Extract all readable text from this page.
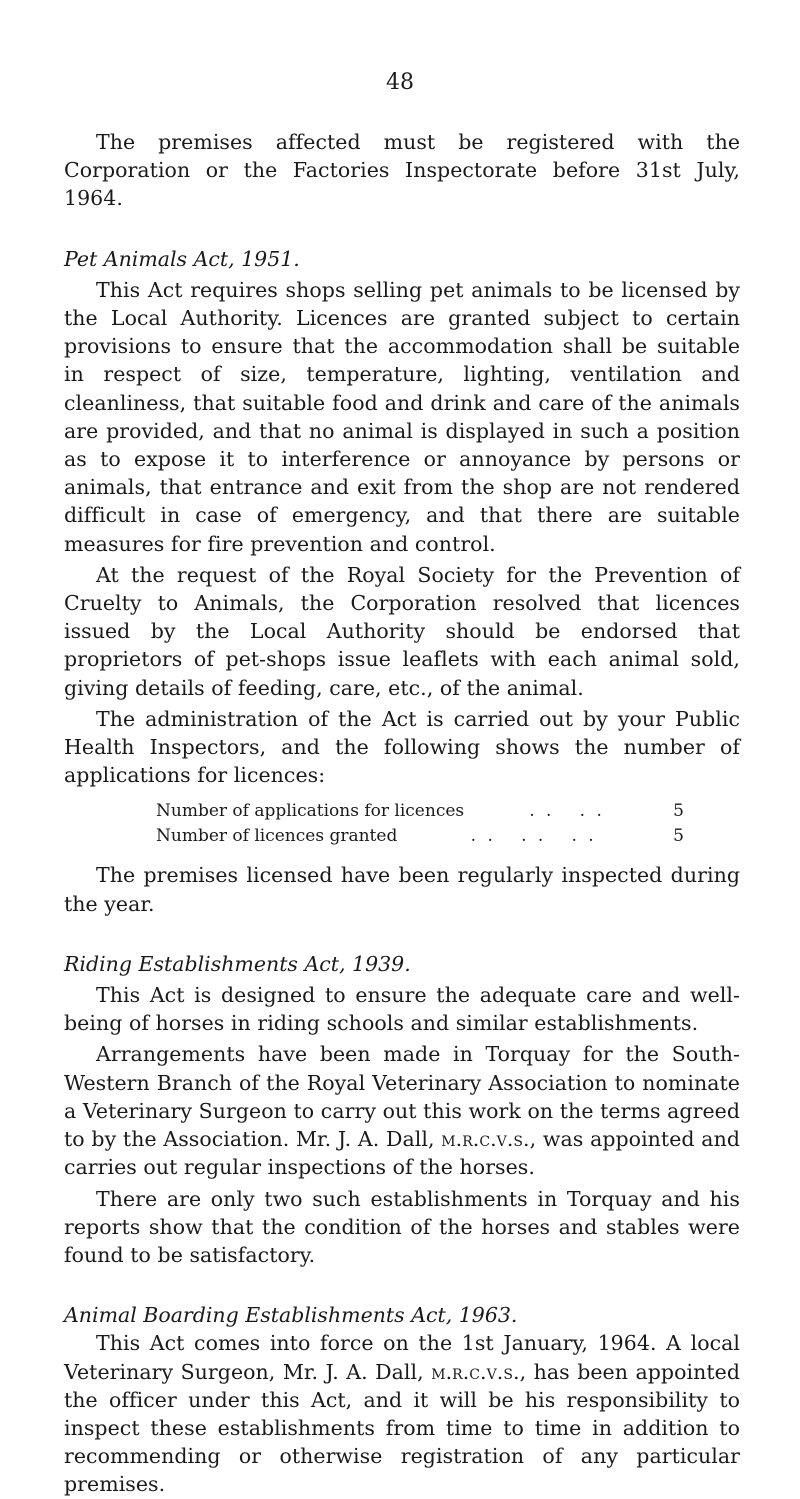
48

The premises affected must be registered with the Corporation or the Factories Inspectorate before 31st July, 1964.

Pet Animals Act, 1951.

This Act requires shops selling pet animals to be licensed by the Local Authority. Licences are granted subject to certain provisions to ensure that the accommodation shall be suitable in respect of size, temperature, lighting, ventilation and cleanliness, that suitable food and drink and care of the animals are provided, and that no animal is displayed in such a position as to expose it to interference or annoyance by persons or animals, that entrance and exit from the shop are not rendered difficult in case of emergency, and that there are suitable measures for fire prevention and control.

At the request of the Royal Society for the Prevention of Cruelty to Animals, the Corporation resolved that licences issued by the Local Authority should be endorsed that proprietors of pet-shops issue leaflets with each animal sold, giving details of feeding, care, etc., of the animal.

The administration of the Act is carried out by your Public Health Inspectors, and the following shows the number of applications for licences:

Number of applications for licences	. .   . .	5
Number of licences granted	. .   . .   . .	5

The premises licensed have been regularly inspected during the year.

Riding Establishments Act, 1939.

This Act is designed to ensure the adequate care and well-being of horses in riding schools and similar establishments.

Arrangements have been made in Torquay for the South-Western Branch of the Royal Veterinary Association to nominate a Veterinary Surgeon to carry out this work on the terms agreed to by the Association. Mr. J. A. Dall, m.r.c.v.s., was appointed and carries out regular inspections of the horses.

There are only two such establishments in Torquay and his reports show that the condition of the horses and stables were found to be satisfactory.

Animal Boarding Establishments Act, 1963.

This Act comes into force on the 1st January, 1964. A local Veterinary Surgeon, Mr. J. A. Dall, m.r.c.v.s., has been appointed the officer under this Act, and it will be his responsibility to inspect these establishments from time to time in addition to recommending or otherwise registration of any particular premises.
